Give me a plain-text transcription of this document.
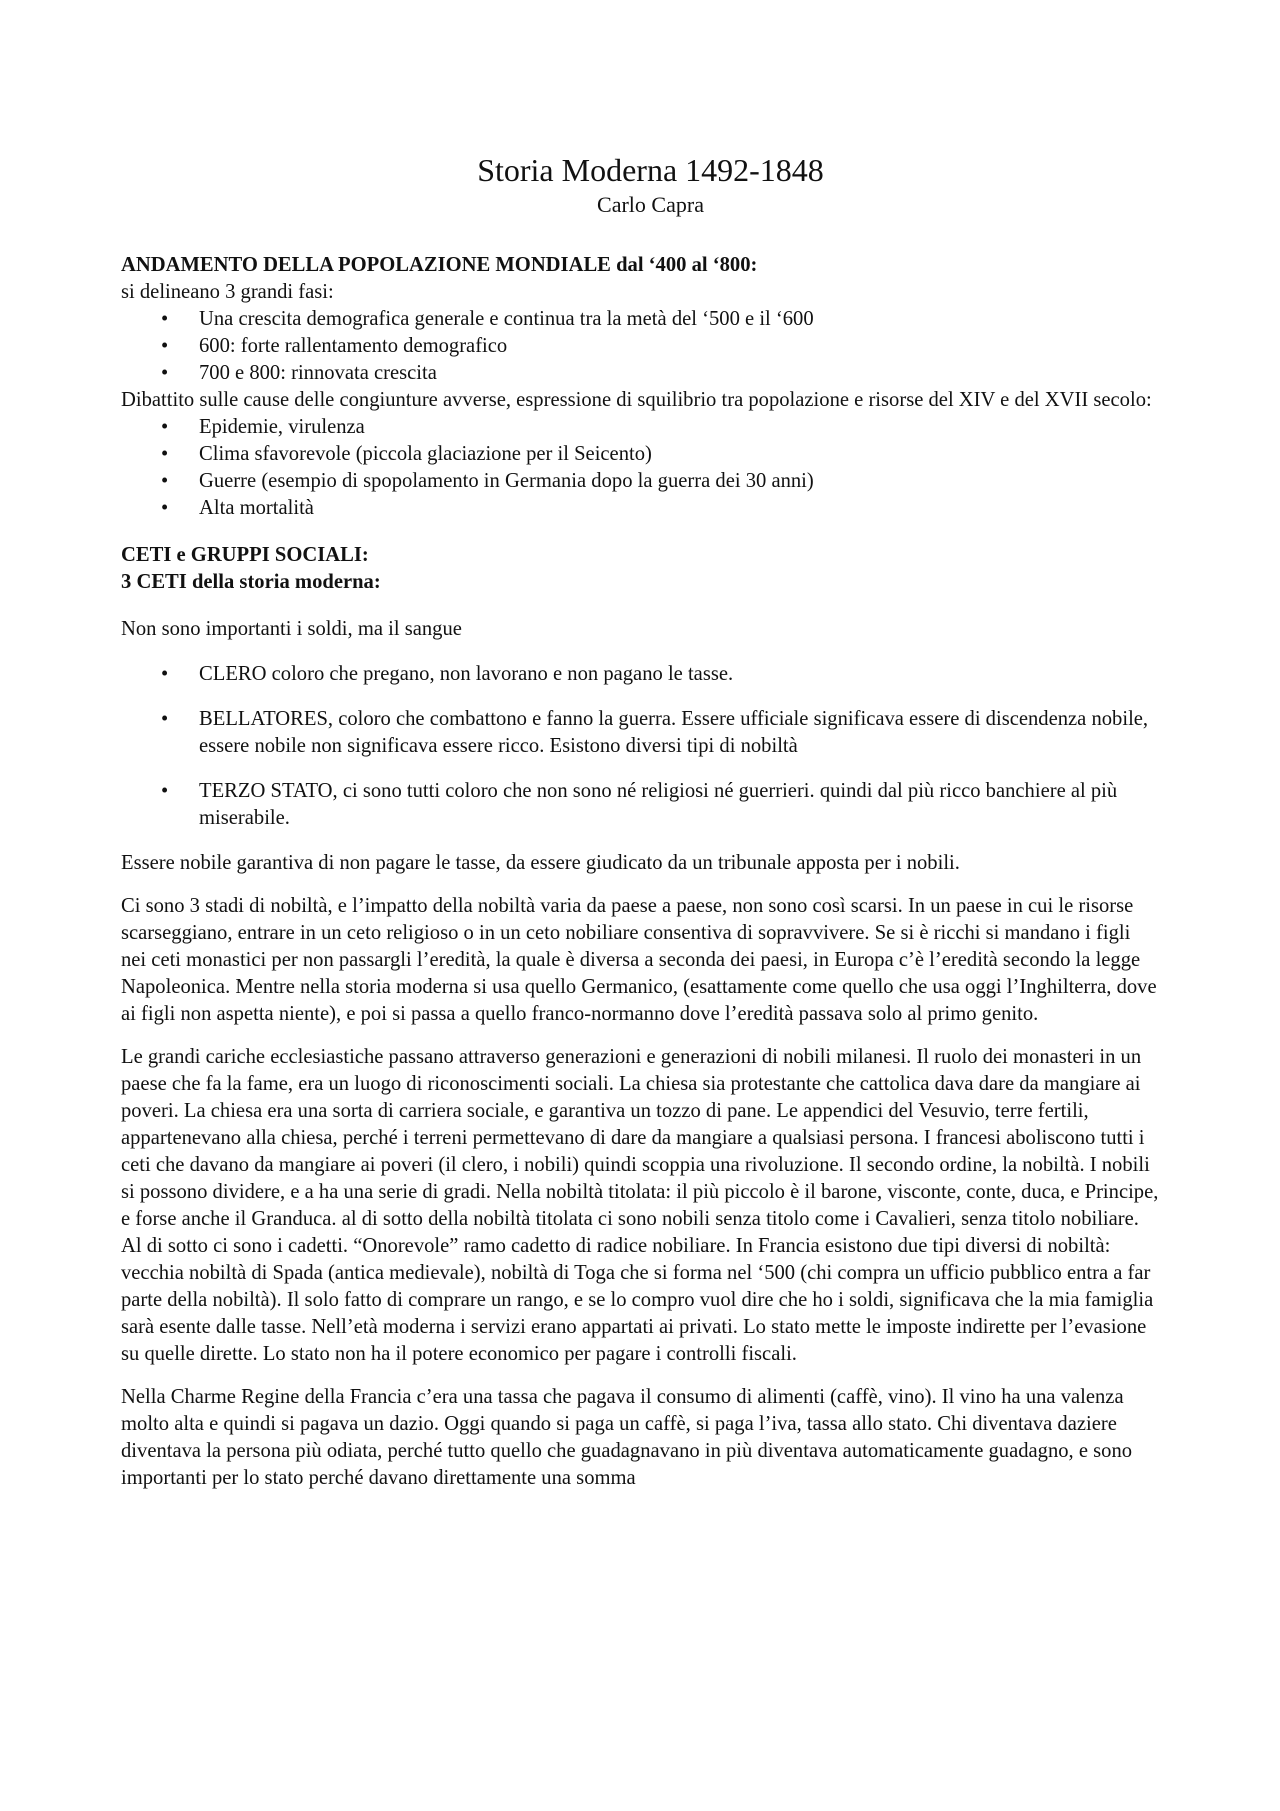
Storia Moderna 1492-1848
Carlo Capra

ANDAMENTO DELLA POPOLAZIONE MONDIALE dal ‘400 al ‘800:

si delineano 3 grandi fasi:

• Una crescita demografica generale e continua tra la metà del ‘500 e il ‘600
• 600: forte rallentamento demografico
• 700 e 800: rinnovata crescita

Dibattito sulle cause delle congiunture avverse, espressione di squilibrio tra popolazione e risorse del XIV e del XVII secolo:

• Epidemie, virulenza
• Clima sfavorevole (piccola glaciazione per il Seicento)
• Guerre (esempio di spopolamento in Germania dopo la guerra dei 30 anni)
• Alta mortalità

CETI e GRUPPI SOCIALI:

3 CETI della storia moderna:

Non sono importanti i soldi, ma il sangue

• CLERO coloro che pregano, non lavorano e non pagano le tasse.
• BELLATORES, coloro che combattono e fanno la guerra. Essere ufficiale significava essere di discendenza nobile, essere nobile non significava essere ricco. Esistono diversi tipi di nobiltà
• TERZO STATO, ci sono tutti coloro che non sono né religiosi né guerrieri. quindi dal più ricco banchiere al più miserabile.

Essere nobile garantiva di non pagare le tasse, da essere giudicato da un tribunale apposta per i nobili.

Ci sono 3 stadi di nobiltà, e l’impatto della nobiltà varia da paese a paese, non sono così scarsi. In un paese in cui le risorse scarseggiano, entrare in un ceto religioso o in un ceto nobiliare consentiva di sopravvivere. Se si è ricchi si mandano i figli nei ceti monastici per non passargli l’eredità, la quale è diversa a seconda dei paesi, in Europa c’è l’eredità secondo la legge Napoleonica. Mentre nella storia moderna si usa quello Germanico, (esattamente come quello che usa oggi l’Inghilterra, dove ai figli non aspetta niente), e poi si passa a quello franco-normanno dove l’eredità passava solo al primo genito.

Le grandi cariche ecclesiastiche passano attraverso generazioni e generazioni di nobili milanesi. Il ruolo dei monasteri in un paese che fa la fame, era un luogo di riconoscimenti sociali. La chiesa sia protestante che cattolica dava dare da mangiare ai poveri. La chiesa era una sorta di carriera sociale, e garantiva un tozzo di pane. Le appendici del Vesuvio, terre fertili, appartenevano alla chiesa, perché i terreni permettevano di dare da mangiare a qualsiasi persona. I francesi aboliscono tutti i ceti che davano da mangiare ai poveri (il clero, i nobili) quindi scoppia una rivoluzione. Il secondo ordine, la nobiltà. I nobili si possono dividere, e a ha una serie di gradi. Nella nobiltà titolata: il più piccolo è il barone, visconte, conte, duca, e Principe, e forse anche il Granduca. al di sotto della nobiltà titolata ci sono nobili senza titolo come i Cavalieri, senza titolo nobiliare. Al di sotto ci sono i cadetti. “Onorevole” ramo cadetto di radice nobiliare. In Francia esistono due tipi diversi di nobiltà: vecchia nobiltà di Spada (antica medievale), nobiltà di Toga che si forma nel ‘500 (chi compra un ufficio pubblico entra a far parte della nobiltà). Il solo fatto di comprare un rango, e se lo compro vuol dire che ho i soldi, significava che la mia famiglia sarà esente dalle tasse. Nell’età moderna i servizi erano appartati ai privati. Lo stato mette le imposte indirette per l’evasione su quelle dirette. Lo stato non ha il potere economico per pagare i controlli fiscali.

Nella Charme Regine della Francia c’era una tassa che pagava il consumo di alimenti (caffè, vino). Il vino ha una valenza molto alta e quindi si pagava un dazio. Oggi quando si paga un caffè, si paga l’iva, tassa allo stato. Chi diventava daziere diventava la persona più odiata, perché tutto quello che guadagnavano in più diventava automaticamente guadagno, e sono importanti per lo stato perché davano direttamente una somma
